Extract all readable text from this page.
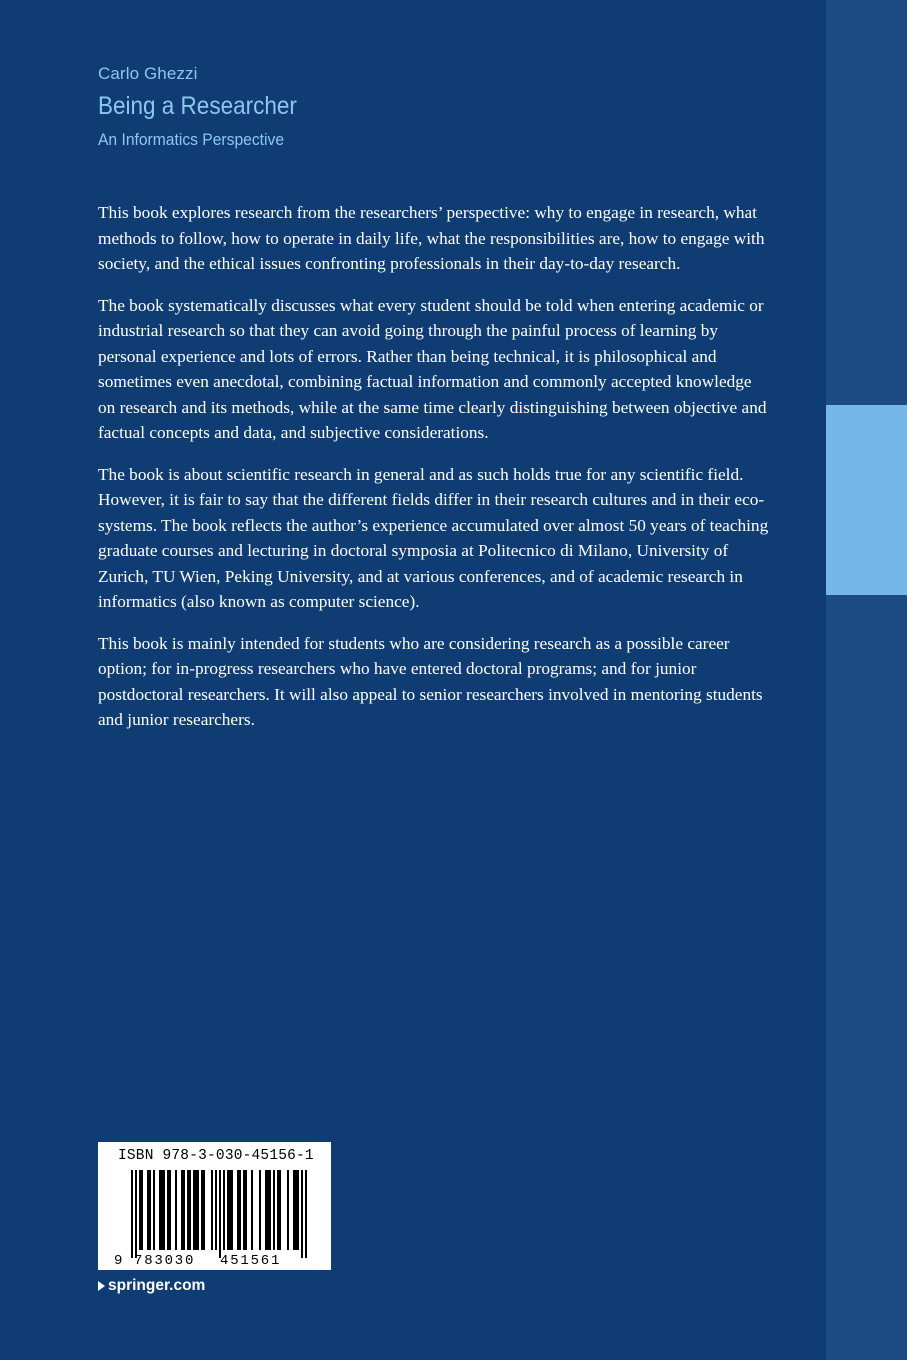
Carlo Ghezzi
Being a Researcher
An Informatics Perspective

This book explores research from the researchers’ perspective: why to engage in research, what methods to follow, how to operate in daily life, what the responsibilities are, how to engage with society, and the ethical issues confronting professionals in their day-to-day research.

The book systematically discusses what every student should be told when entering academic or industrial research so that they can avoid going through the painful process of learning by personal experience and lots of errors. Rather than being technical, it is philosophical and sometimes even anecdotal, combining factual information and commonly accepted knowledge on research and its methods, while at the same time clearly distinguishing between objective and factual concepts and data, and subjective considerations.

The book is about scientific research in general and as such holds true for any scientific field. However, it is fair to say that the different fields differ in their research cultures and in their eco-systems. The book reflects the author’s experience accumulated over almost 50 years of teaching graduate courses and lecturing in doctoral symposia at Politecnico di Milano, University of Zurich, TU Wien, Peking University, and at various conferences, and of academic research in informatics (also known as computer science).

This book is mainly intended for students who are considering research as a possible career option; for in-progress researchers who have entered doctoral programs; and for junior postdoctoral researchers. It will also appeal to senior researchers involved in mentoring students and junior researchers.

ISBN 978-3-030-45156-1
9 783030 451561
springer.com
